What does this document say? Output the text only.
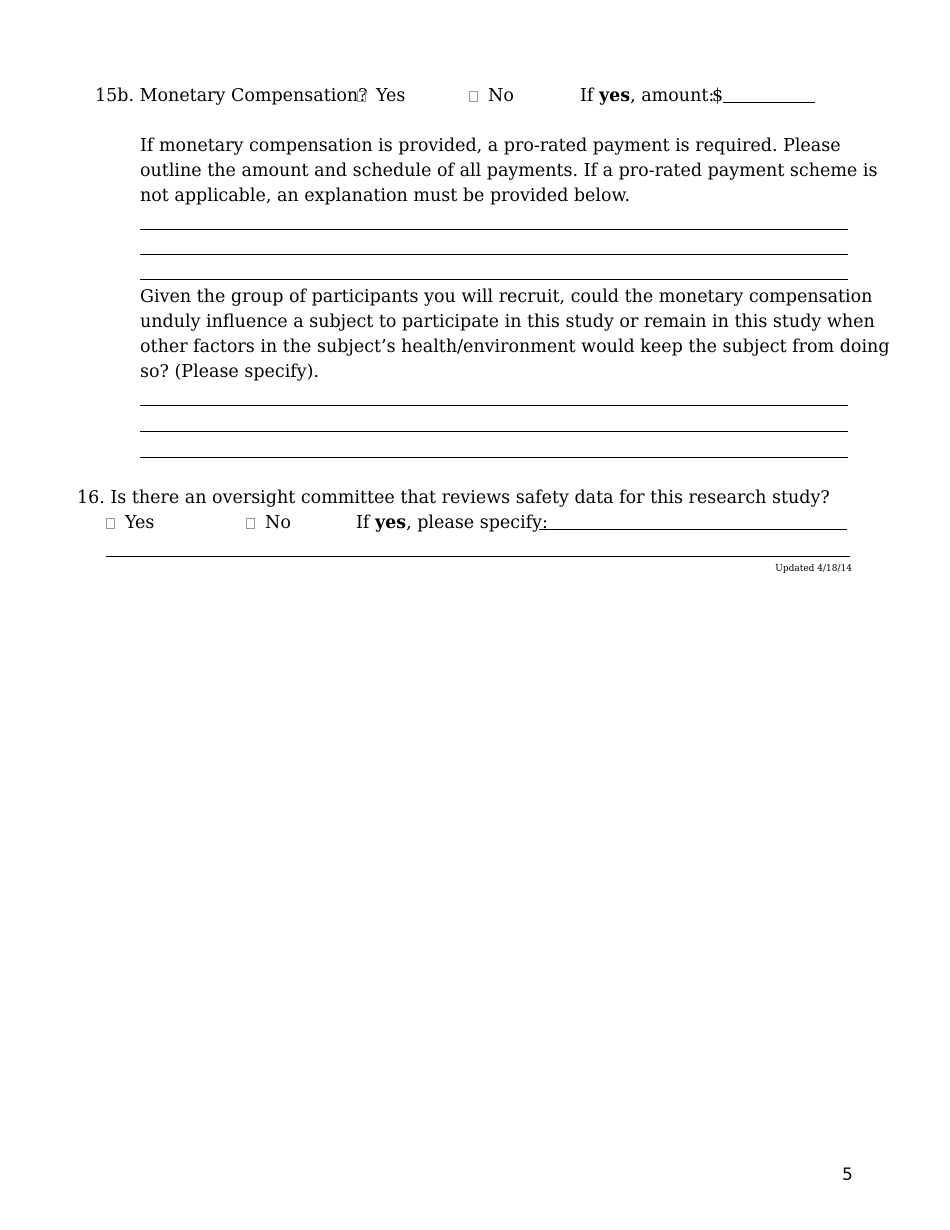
15b. Monetary Compensation? Yes	No	If yes, amount:
$
If monetary compensation is provided, a pro-rated payment is required. Please
outline the amount and schedule of all payments. If a pro-rated payment scheme is
not applicable, an explanation must be provided below.
Given the group of participants you will recruit, could the monetary compensation
unduly influence a subject to participate in this study or remain in this study when
other factors in the subject’s health/environment would keep the subject from doing
so? (Please specify).
16. Is there an oversight committee that reviews safety data for this research study?
Yes	No	If yes, please specify:
Updated 4/18/14
5
